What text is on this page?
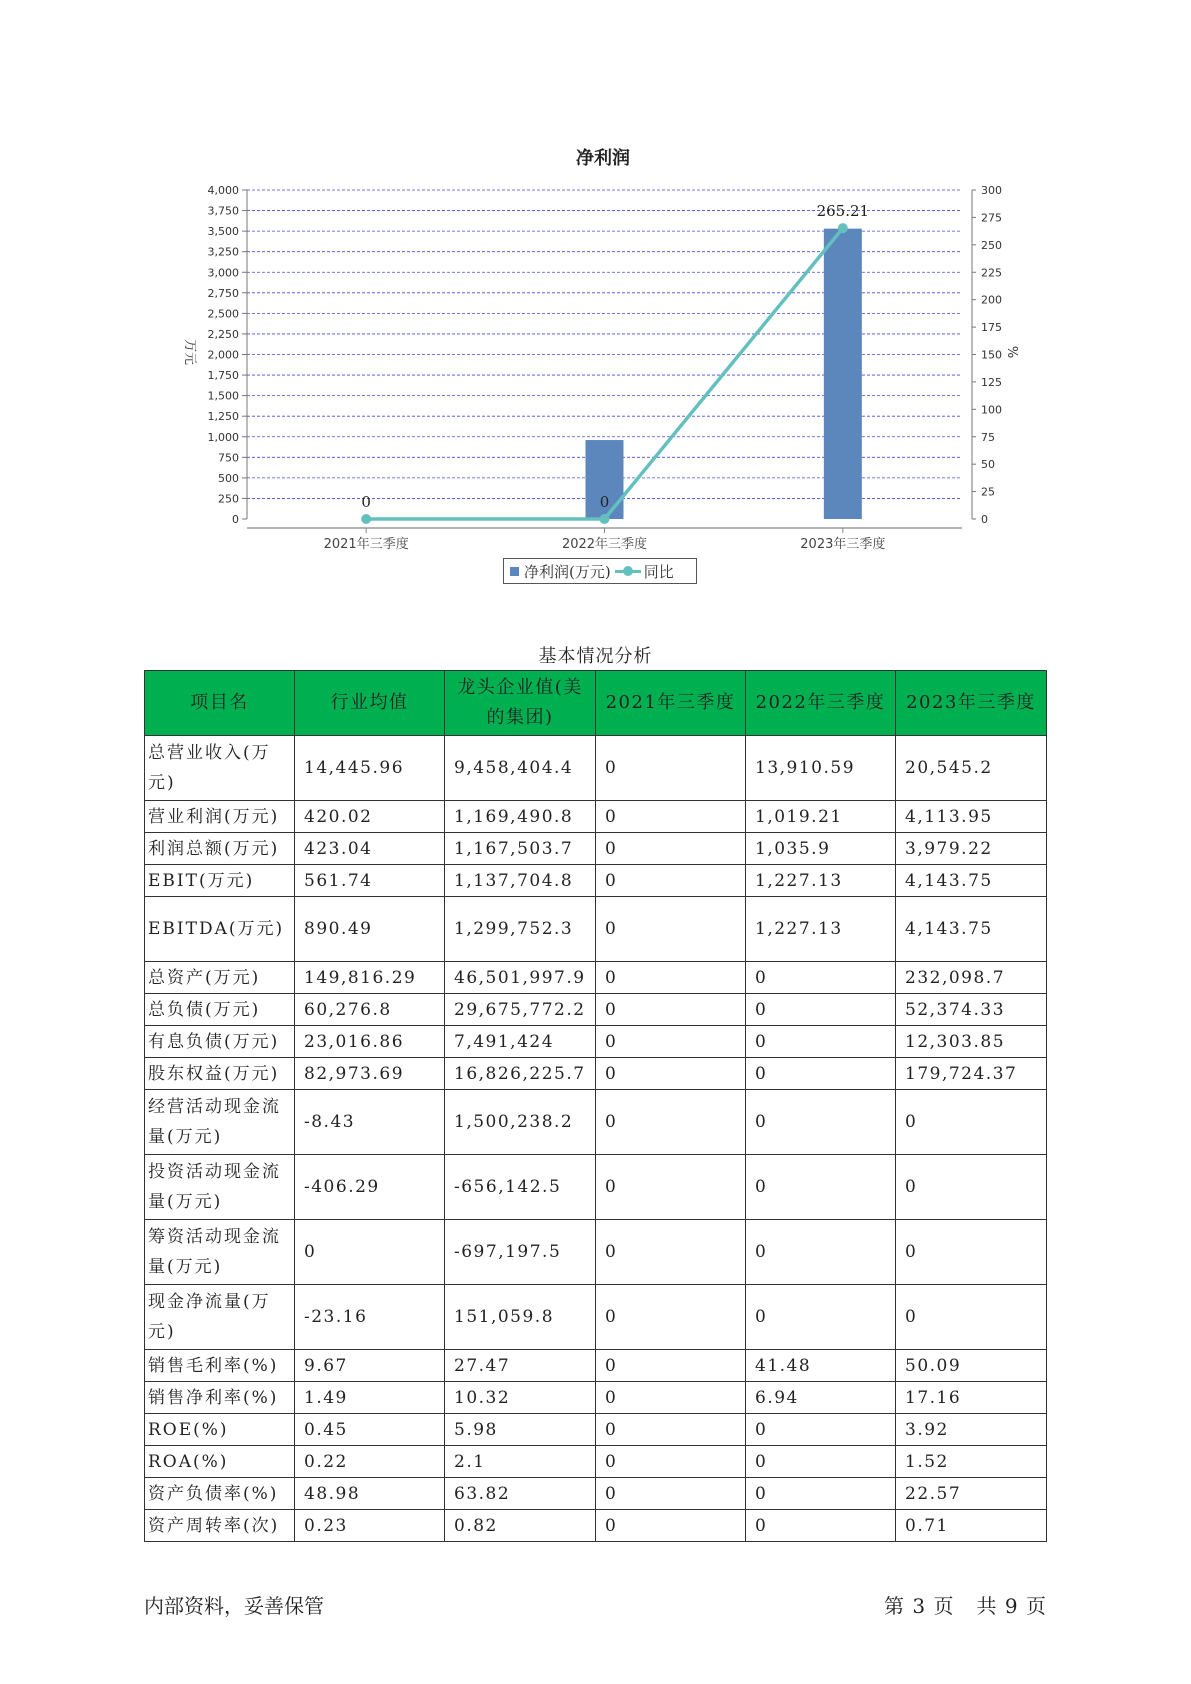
净利润
0
250
500
750
1,000
1,250
1,500
1,750
2,000
2,250
2,500
2,750
3,000
3,250
3,500
3,750
4,000
0
25
50
75
100
125
150
175
200
225
250
275
300
万元	%
2021年三季度	2022年三季度	2023年三季度
0	0
265.21
净利润(万元) 同比
基本情况分析
项目名	行业均值	龙头企业值(美的集团)	2021年三季度	2022年三季度	2023年三季度
总营业收入(万元)	14,445.96	9,458,404.4	0	13,910.59	20,545.2
营业利润(万元)	420.02	1,169,490.8	0	1,019.21	4,113.95
利润总额(万元)	423.04	1,167,503.7	0	1,035.9	3,979.22
EBIT(万元)	561.74	1,137,704.8	0	1,227.13	4,143.75
EBITDA(万元)	890.49	1,299,752.3	0	1,227.13	4,143.75
总资产(万元)	149,816.29	46,501,997.9	0	0	232,098.7
总负债(万元)	60,276.8	29,675,772.2	0	0	52,374.33
有息负债(万元)	23,016.86	7,491,424	0	0	12,303.85
股东权益(万元)	82,973.69	16,826,225.7	0	0	179,724.37
经营活动现金流量(万元)	-8.43	1,500,238.2	0	0	0
投资活动现金流量(万元)	-406.29	-656,142.5	0	0	0
筹资活动现金流量(万元)	0	-697,197.5	0	0	0
现金净流量(万元)	-23.16	151,059.8	0	0	0
销售毛利率(%)	9.67	27.47	0	41.48	50.09
销售净利率(%)	1.49	10.32	0	6.94	17.16
ROE(%)	0.45	5.98	0	0	3.92
ROA(%)	0.22	2.1	0	0	1.52
资产负债率(%)	48.98	63.82	0	0	22.57
资产周转率(次)	0.23	0.82	0	0	0.71
内部资料，妥善保管	第 3 页 共 9 页
